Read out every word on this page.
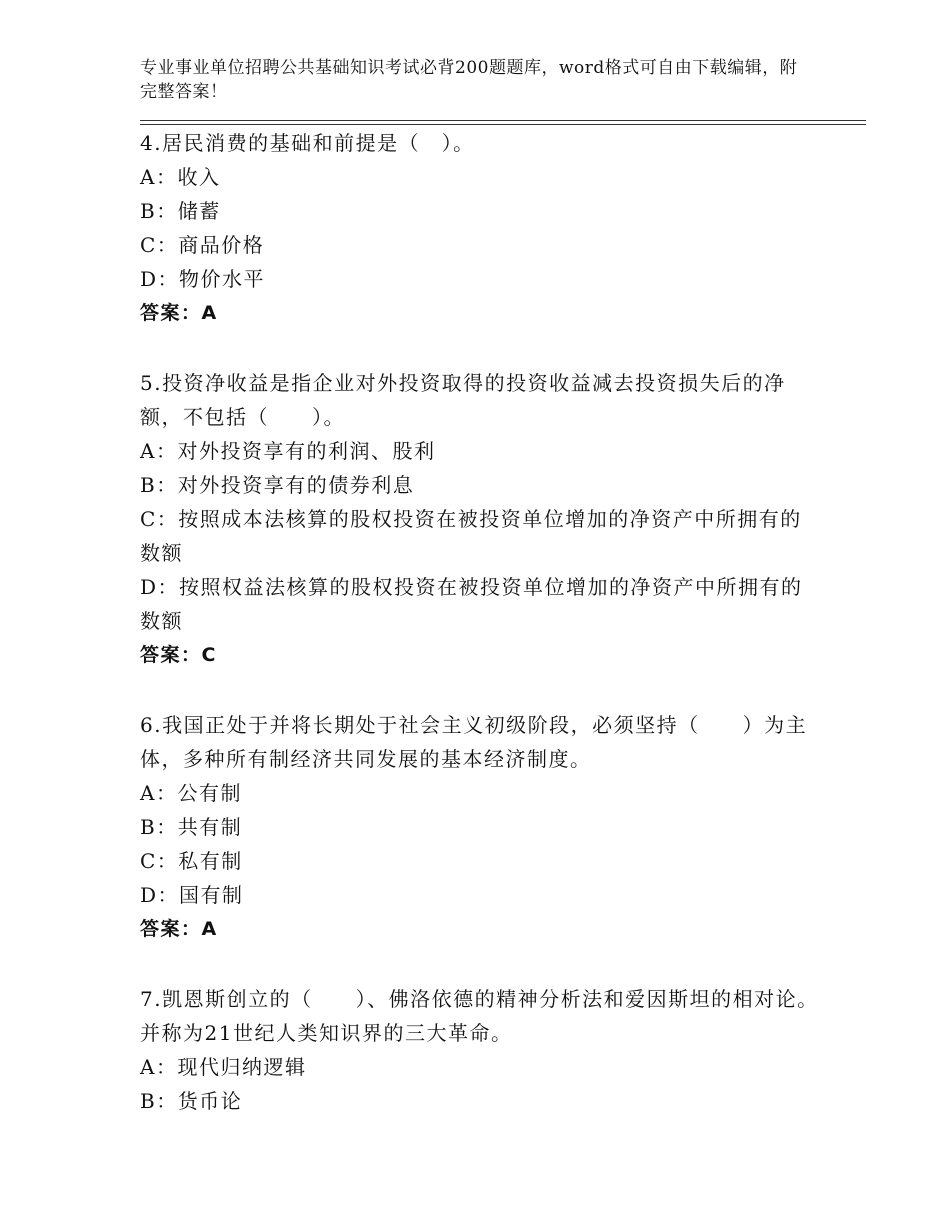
专业事业单位招聘公共基础知识考试必背200题题库，word格式可自由下载编辑，附完整答案！

4.居民消费的基础和前提是（　）。

A：收入

B：储蓄

C：商品价格

D：物价水平

答案：A

5.投资净收益是指企业对外投资取得的投资收益减去投资损失后的净额，不包括（　　）。

A：对外投资享有的利润、股利

B：对外投资享有的债券利息

C：按照成本法核算的股权投资在被投资单位增加的净资产中所拥有的数额

D：按照权益法核算的股权投资在被投资单位增加的净资产中所拥有的数额

答案：C

6.我国正处于并将长期处于社会主义初级阶段，必须坚持（　　）为主体，多种所有制经济共同发展的基本经济制度。

A：公有制

B：共有制

C：私有制

D：国有制

答案：A

7.凯恩斯创立的（　　）、佛洛依德的精神分析法和爱因斯坦的相对论。并称为21世纪人类知识界的三大革命。

A：现代归纳逻辑

B：货币论
